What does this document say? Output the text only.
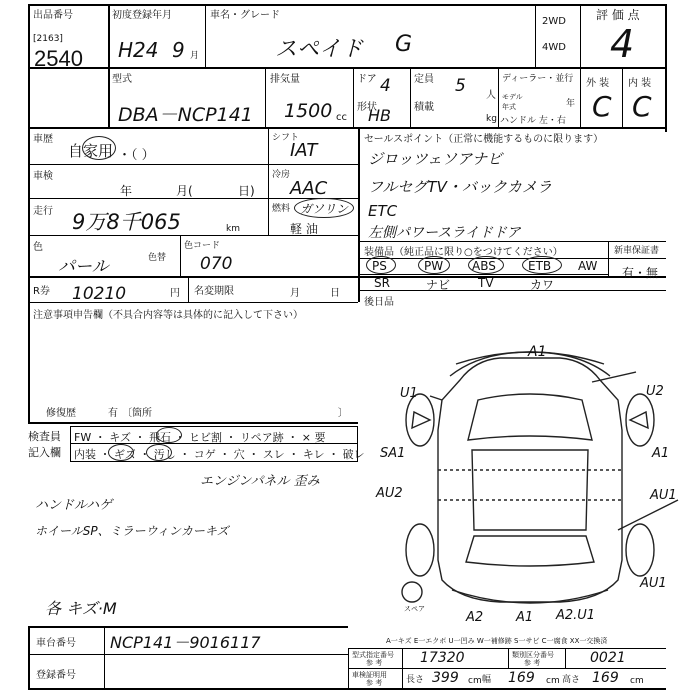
出品番号
[2163]
2540
初度登録年月
H24 9 月
車名・グレード
スペイド G
2WD
4WD
評 価 点
4
型式
DBA－NCP141
排気量
1500 cc
ドア 4 定員 5 人
形状
HB 積載
kg
ディーラー・並行
モデル年式	年
ハンドル 左・右
外 装 内 装
C C
車歴
自家用 ・（ ）
シフト
IAT
冷房
AAC
燃料 ガソリン
軽 油
車検
年	月(	日)
走行 9万8千065	km
色
パール	色替
色コード
070
セールスポイント（正常に機能するものに限ります）
ジロッツェソアナビ
フルセグTV・バックカメラ
ETC
左側パワースライドドア
装備品（純正品に限り○をつけてください）	新車保証書
有・無
PS	PW ABS	ETB AW
SR	ナビ TV	カワ
R券 10210	円 名変期限	月	日
後日品
注意事項申告欄（不具合内容等は具体的に記入して下さい）
修復歴	有 〔箇所	〕
検査員
記入欄
FW ・ キズ ・ 飛石 ・ ヒビ割 ・ リペア跡 ・ × 要
内装 ・ ギズ ・ 汚し ・ コゲ ・ 穴 ・ スレ ・ キレ ・ 破レ
エンジンパネル 歪み
ハンドルハゲ
ホイールSP、ミラーウィンカーキズ
各 キズ·M
A1
U1	U2
SA1	A1
AU2	AU1
AU1
A2	A1 A2.U1
スペア
A一キズ E一エクボ U一凹み W一補修跡 S一サビ C一腐食 XX一交換済
車台番号 NCP141－9016117
登録番号
型式指定番号
参 考	17320	類別区分番号
参 考	0021
車検証明用
参 考	長さ 399 cm 幅 169 cm 高さ 169 cm
